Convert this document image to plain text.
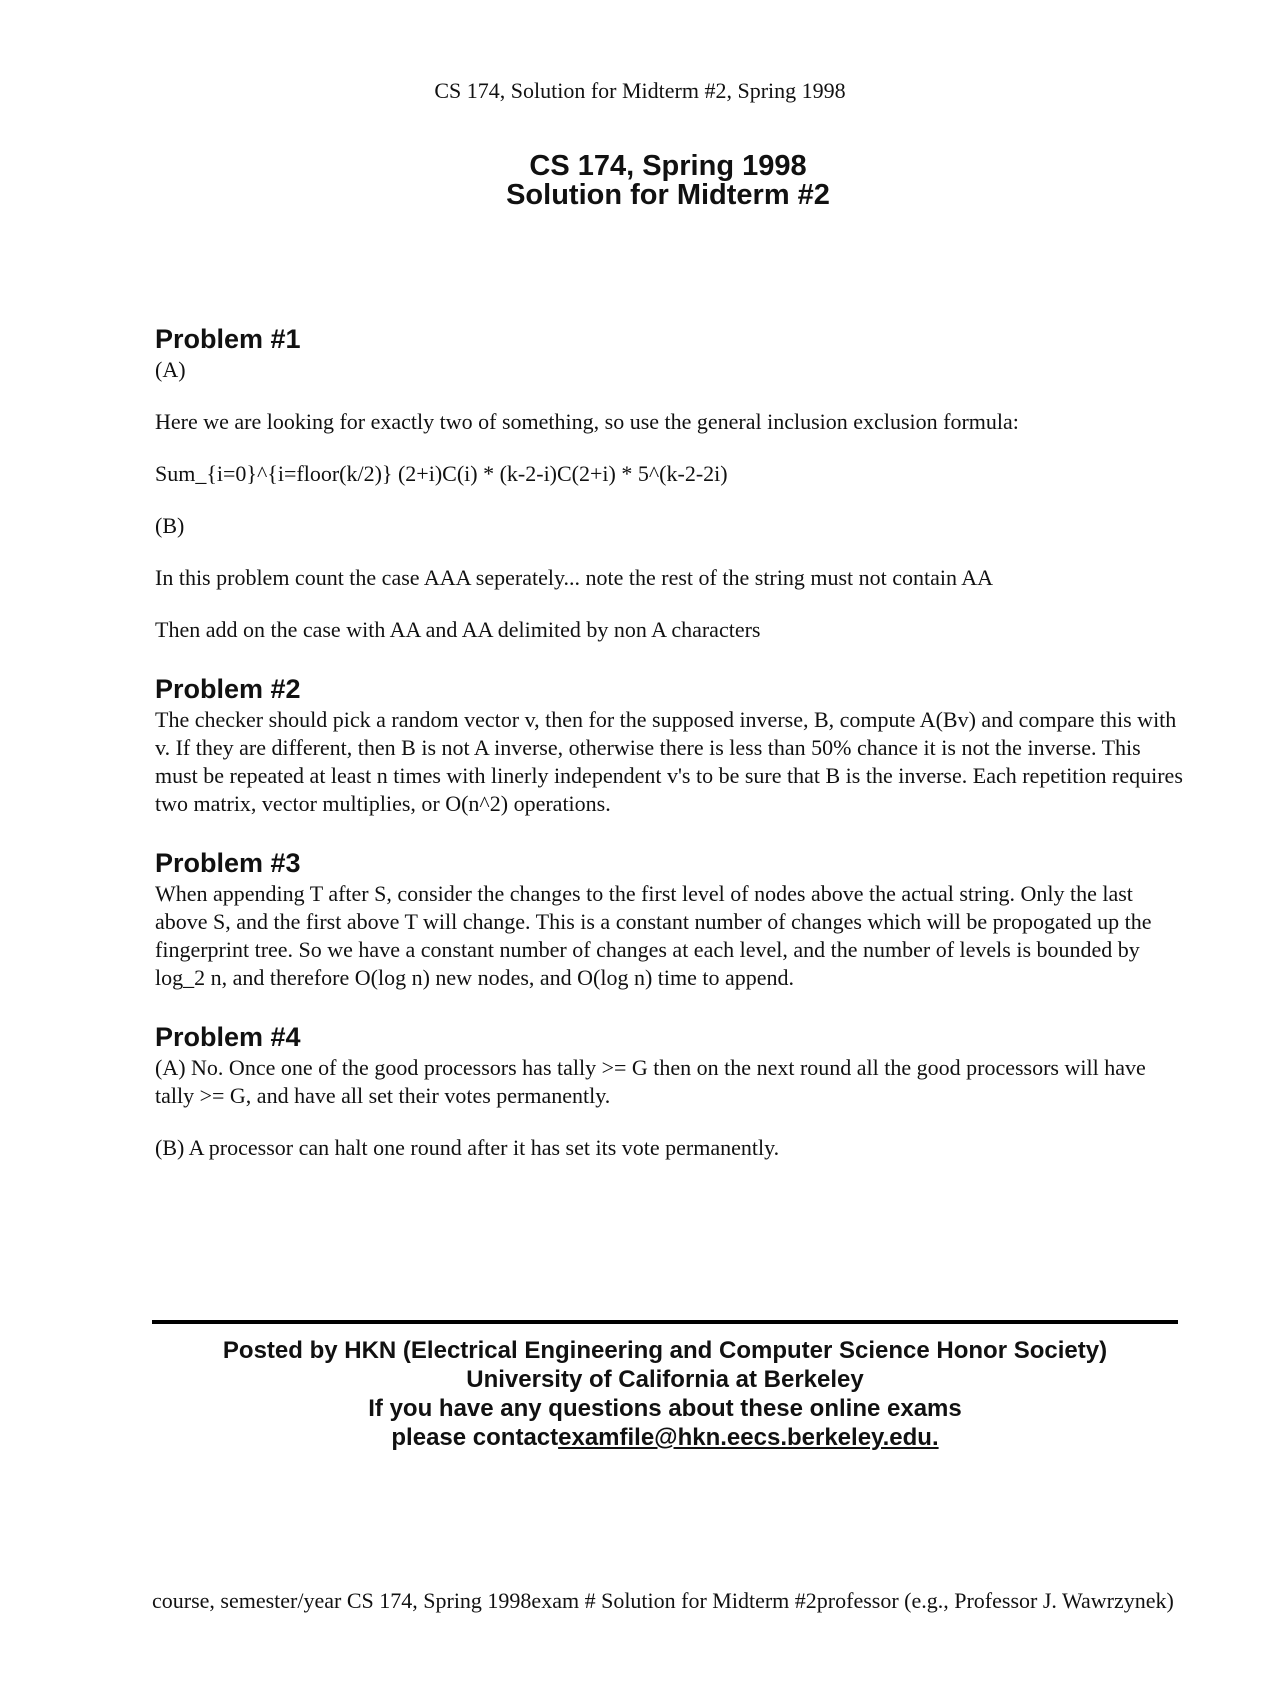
CS 174, Solution for Midterm #2, Spring 1998
CS 174, Spring 1998
Solution for Midterm #2
Problem #1

(A)

Here we are looking for exactly two of something, so use the general inclusion exclusion formula:

Sum_{i=0}^{i=floor(k/2)} (2+i)C(i) * (k-2-i)C(2+i) * 5^(k-2-2i)

(B)

In this problem count the case AAA seperately... note the rest of the string must not contain AA

Then add on the case with AA and AA delimited by non A characters

Problem #2

The checker should pick a random vector v, then for the supposed inverse, B, compute A(Bv) and compare this with v. If they are different, then B is not A inverse, otherwise there is less than 50% chance it is not the inverse. This must be repeated at least n times with linerly independent v's to be sure that B is the inverse. Each repetition requires two matrix, vector multiplies, or O(n^2) operations.

Problem #3

When appending T after S, consider the changes to the first level of nodes above the actual string. Only the last above S, and the first above T will change. This is a constant number of changes which will be propogated up the fingerprint tree. So we have a constant number of changes at each level, and the number of levels is bounded by log_2 n, and therefore O(log n) new nodes, and O(log n) time to append.

Problem #4

(A) No. Once one of the good processors has tally >= G then on the next round all the good processors will have tally >= G, and have all set their votes permanently.

(B) A processor can halt one round after it has set its vote permanently.

Posted by HKN (Electrical Engineering and Computer Science Honor Society)
University of California at Berkeley
If you have any questions about these online exams
please contactexamfile@hkn.eecs.berkeley.edu.
course, semester/year CS 174, Spring 1998exam # Solution for Midterm #2professor (e.g., Professor J. Wawrzynek)
